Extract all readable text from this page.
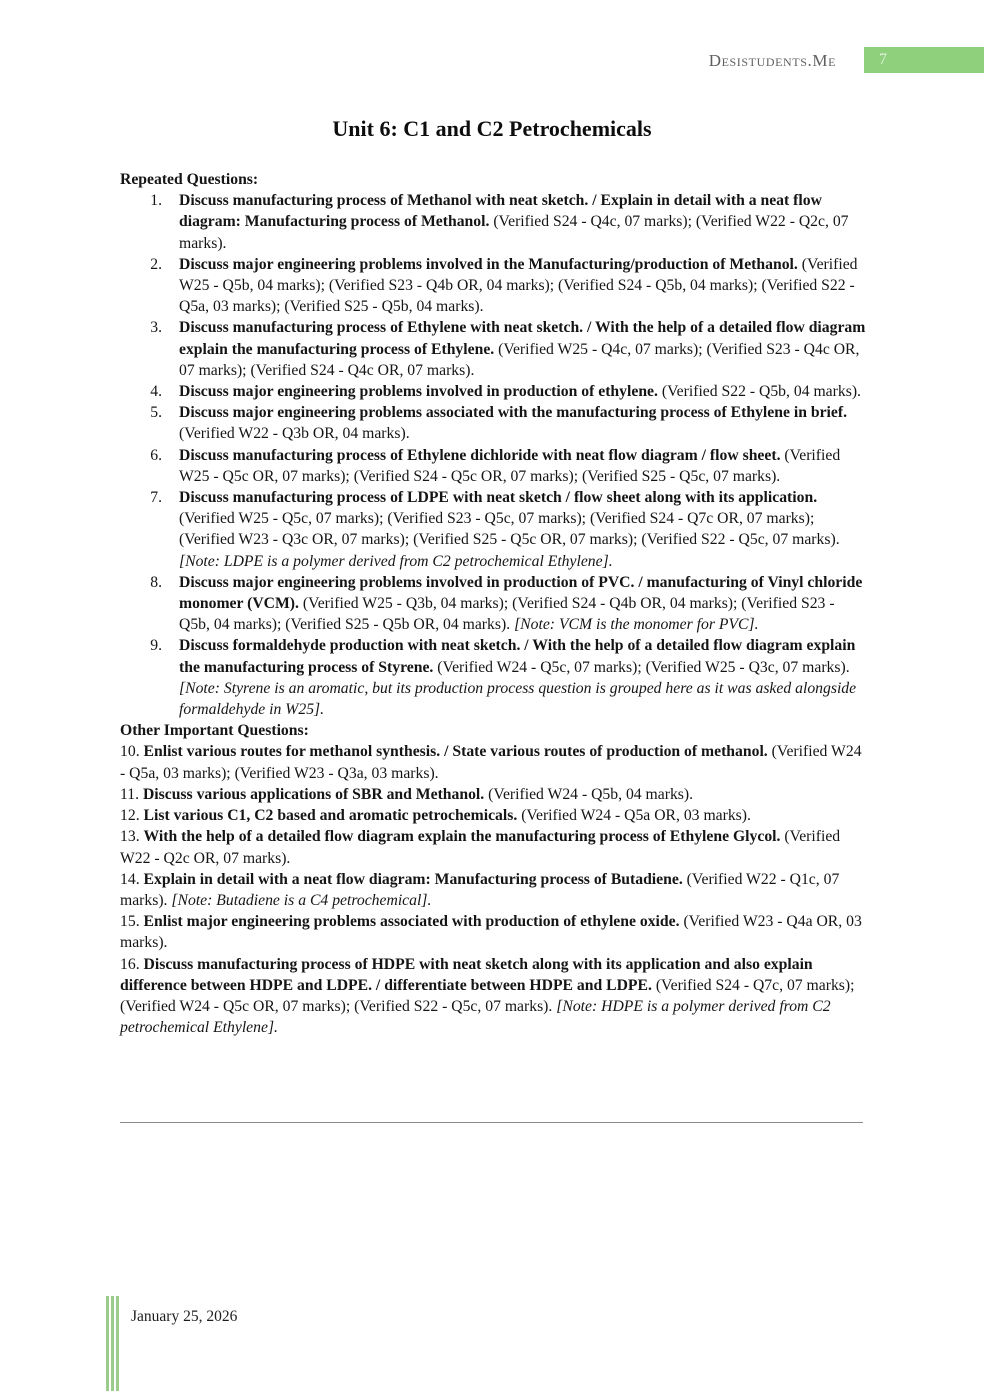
Desistudents.Me	7
Unit 6: C1 and C2 Petrochemicals
Repeated Questions:
1. Discuss manufacturing process of Methanol with neat sketch. / Explain in detail with a neat flow diagram: Manufacturing process of Methanol. (Verified S24 - Q4c, 07 marks); (Verified W22 - Q2c, 07 marks).
2. Discuss major engineering problems involved in the Manufacturing/production of Methanol. (Verified W25 - Q5b, 04 marks); (Verified S23 - Q4b OR, 04 marks); (Verified S24 - Q5b, 04 marks); (Verified S22 - Q5a, 03 marks); (Verified S25 - Q5b, 04 marks).
3. Discuss manufacturing process of Ethylene with neat sketch. / With the help of a detailed flow diagram explain the manufacturing process of Ethylene. (Verified W25 - Q4c, 07 marks); (Verified S23 - Q4c OR, 07 marks); (Verified S24 - Q4c OR, 07 marks).
4. Discuss major engineering problems involved in production of ethylene. (Verified S22 - Q5b, 04 marks).
5. Discuss major engineering problems associated with the manufacturing process of Ethylene in brief. (Verified W22 - Q3b OR, 04 marks).
6. Discuss manufacturing process of Ethylene dichloride with neat flow diagram / flow sheet. (Verified W25 - Q5c OR, 07 marks); (Verified S24 - Q5c OR, 07 marks); (Verified S25 - Q5c, 07 marks).
7. Discuss manufacturing process of LDPE with neat sketch / flow sheet along with its application. (Verified W25 - Q5c, 07 marks); (Verified S23 - Q5c, 07 marks); (Verified S24 - Q7c OR, 07 marks); (Verified W23 - Q3c OR, 07 marks); (Verified S25 - Q5c OR, 07 marks); (Verified S22 - Q5c, 07 marks). [Note: LDPE is a polymer derived from C2 petrochemical Ethylene].
8. Discuss major engineering problems involved in production of PVC. / manufacturing of Vinyl chloride monomer (VCM). (Verified W25 - Q3b, 04 marks); (Verified S24 - Q4b OR, 04 marks); (Verified S23 - Q5b, 04 marks); (Verified S25 - Q5b OR, 04 marks). [Note: VCM is the monomer for PVC].
9. Discuss formaldehyde production with neat sketch. / With the help of a detailed flow diagram explain the manufacturing process of Styrene. (Verified W24 - Q5c, 07 marks); (Verified W25 - Q3c, 07 marks). [Note: Styrene is an aromatic, but its production process question is grouped here as it was asked alongside formaldehyde in W25].
Other Important Questions:

10. Enlist various routes for methanol synthesis. / State various routes of production of methanol. (Verified W24 - Q5a, 03 marks); (Verified W23 - Q3a, 03 marks).

11. Discuss various applications of SBR and Methanol. (Verified W24 - Q5b, 04 marks).

12. List various C1, C2 based and aromatic petrochemicals. (Verified W24 - Q5a OR, 03 marks).

13. With the help of a detailed flow diagram explain the manufacturing process of Ethylene Glycol. (Verified W22 - Q2c OR, 07 marks).

14. Explain in detail with a neat flow diagram: Manufacturing process of Butadiene. (Verified W22 - Q1c, 07 marks). [Note: Butadiene is a C4 petrochemical].

15. Enlist major engineering problems associated with production of ethylene oxide. (Verified W23 - Q4a OR, 03 marks).

16. Discuss manufacturing process of HDPE with neat sketch along with its application and also explain difference between HDPE and LDPE. / differentiate between HDPE and LDPE. (Verified S24 - Q7c, 07 marks); (Verified W24 - Q5c OR, 07 marks); (Verified S22 - Q5c, 07 marks). [Note: HDPE is a polymer derived from C2 petrochemical Ethylene].

January 25, 2026
